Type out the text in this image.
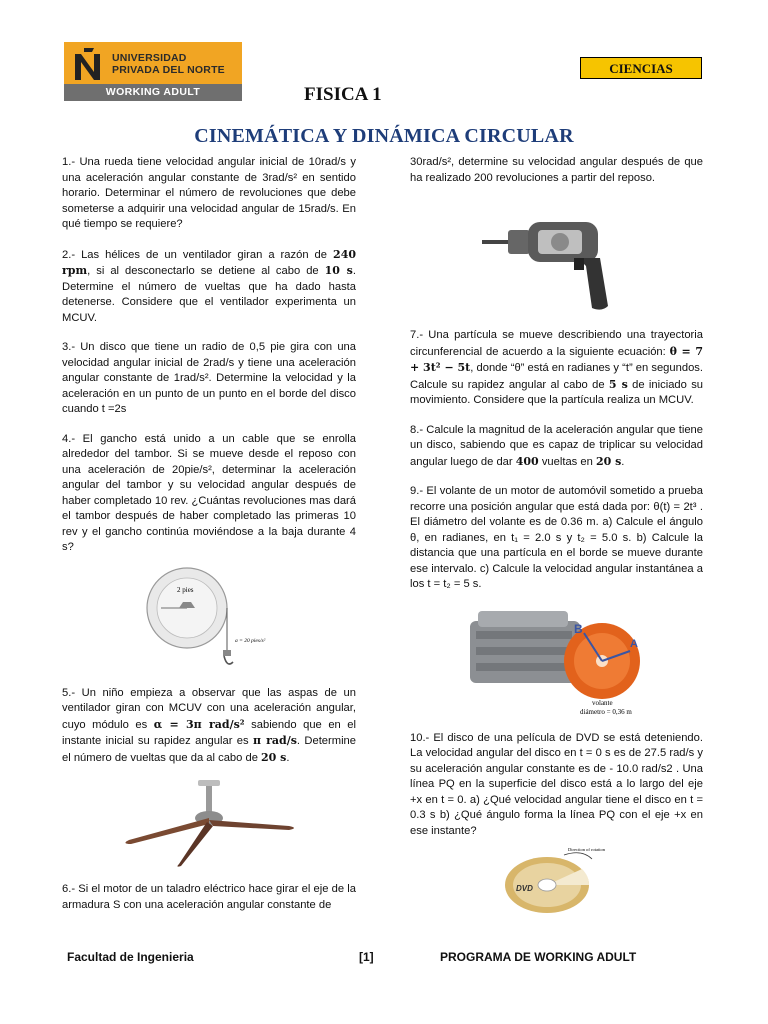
UNIVERSIDAD
PRIVADA DEL NORTE
WORKING ADULT
CIENCIAS
FISICA 1
CINEMÁTICA Y DINÁMICA CIRCULAR

1.- Una rueda tiene velocidad angular inicial de 10rad/s y una aceleración angular constante de 3rad/s² en sentido horario. Determinar el número de revoluciones que debe someterse a adquirir una velocidad angular de 15rad/s. En qué tiempo se requiere?

2.- Las hélices de un ventilador giran a razón de 240 rpm, si al desconectarlo se detiene al cabo de 10 s. Determine el número de vueltas que ha dado hasta detenerse. Considere que el ventilador experimenta un MCUV.

3.- Un disco que tiene un radio de 0,5 pie gira con una velocidad angular inicial de 2rad/s y tiene una aceleración angular constante de 1rad/s². Determine la velocidad y la aceleración en un punto de un punto en el borde del disco cuando t =2s

4.- El gancho está unido a un cable que se enrolla alrededor del tambor. Si se mueve desde el reposo con una aceleración de 20pie/s², determinar la aceleración angular del tambor y su velocidad angular después de haber completado 10 rev. ¿Cuántas revoluciones mas dará el tambor después de haber completado las primeras 10 rev y el gancho continúa moviéndose a la baja durante 4 s?

2 pies
a = 20 pies/s²

5.- Un niño empieza a observar que las aspas de un ventilador giran con MCUV con una aceleración angular, cuyo módulo es α = 3π rad/s² sabiendo que en el instante inicial su rapidez angular es π rad/s. Determine el número de vueltas que da al cabo de 20 s.

6.- Si el motor de un taladro eléctrico hace girar el eje de la armadura S con una aceleración angular constante de

30rad/s², determine su velocidad angular después de que ha realizado 200 revoluciones a partir del reposo.

7.- Una partícula se mueve describiendo una trayectoria circunferencial de acuerdo a la siguiente ecuación: θ = 7 + 3t² − 5t, donde “θ” está en radianes y “t” en segundos. Calcule su rapidez angular al cabo de 5 s de iniciado su movimiento. Considere que la partícula realiza un MCUV.

8.- Calcule la magnitud de la aceleración angular que tiene un disco, sabiendo que es capaz de triplicar su velocidad angular luego de dar 400 vueltas en 20 s.

9.- El volante de un motor de automóvil sometido a prueba recorre una posición angular que está dada por: θ(t) = 2t³ . El diámetro del volante es de 0.36 m. a) Calcule el ángulo θ, en radianes, en t₁ = 2.0 s y t₂ = 5.0 s. b) Calcule la distancia que una partícula en el borde se mueve durante ese intervalo. c) Calcule la velocidad angular instantánea a los t = t₂ = 5 s.

B
A
volante
diámetro = 0,36 m

10.- El disco de una película de DVD se está deteniendo. La velocidad angular del disco en t = 0 s es de 27.5 rad/s y su aceleración angular constante es de - 10.0 rad/s2 . Una línea PQ en la superficie del disco está a lo largo del eje +x en t = 0. a) ¿Qué velocidad angular tiene el disco en t = 0.3 s b) ¿Qué ángulo forma la línea PQ con el eje +x en ese instante?

DVD
Direction of rotation
Facultad de Ingenieria	[1]	PROGRAMA DE WORKING ADULT
